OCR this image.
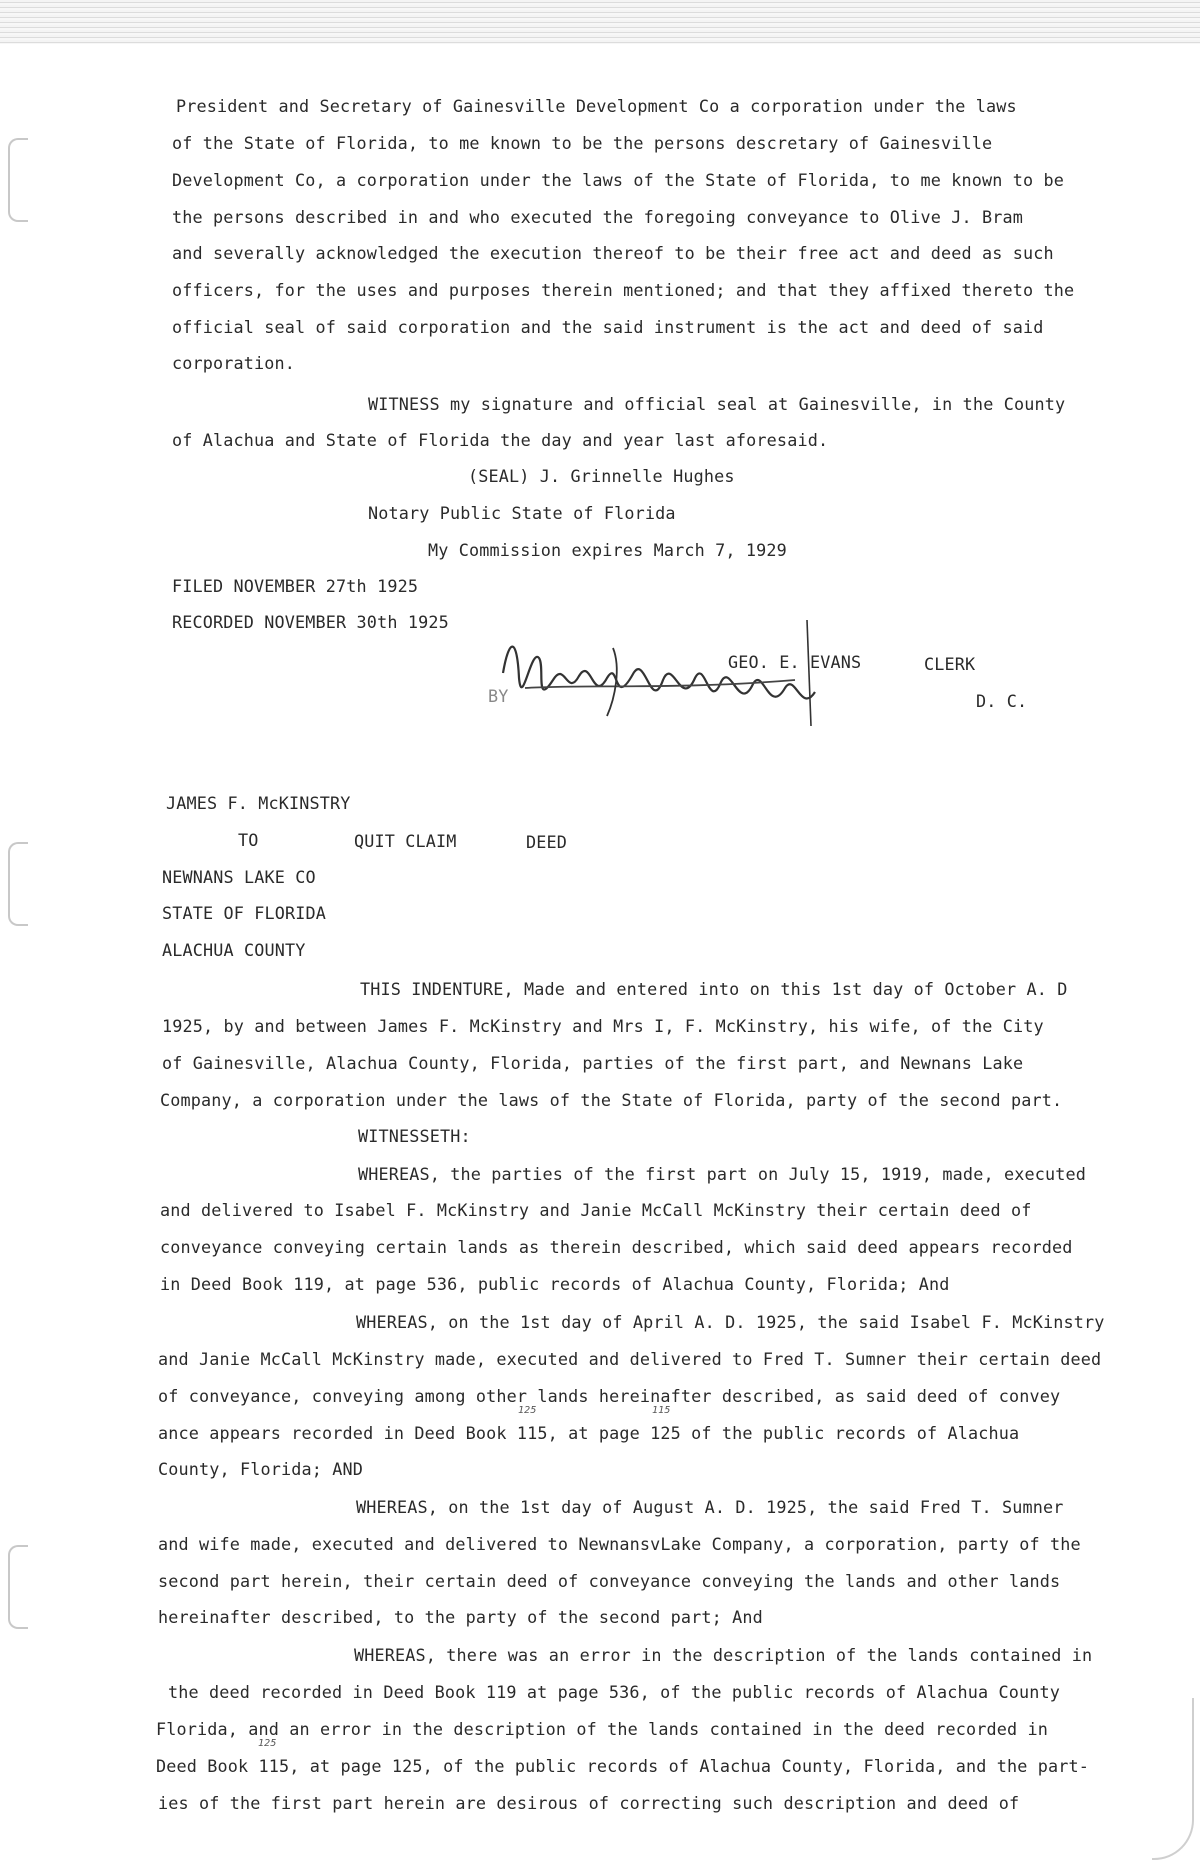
President and Secretary of Gainesville Development Co a corporation under the laws

of the State of Florida, to me known to be the persons descretary of Gainesville

Development Co, a corporation under the laws of the State of Florida, to me known to be

the persons described in and who executed the foregoing conveyance to Olive J. Bram

and severally acknowledged the execution thereof to be their free act and deed as such

officers, for the uses and purposes therein mentioned; and that they affixed thereto the

official seal of said corporation and the said instrument is the act and deed of said

corporation.

WITNESS my signature and official seal at Gainesville, in the County

of Alachua and State of Florida the day and year last aforesaid.

(SEAL) J. Grinnelle Hughes

Notary Public State of Florida

My Commission expires March 7, 1929

FILED NOVEMBER 27th 1925

RECORDED NOVEMBER 30th 1925

GEO. E. EVANS	CLERK

BY	D. C.

JAMES F. McKINSTRY

TO	QUIT CLAIM	DEED

NEWNANS LAKE CO

STATE OF FLORIDA

ALACHUA COUNTY

THIS INDENTURE, Made and entered into on this 1st day of October A. D

1925, by and between James F. McKinstry and Mrs I, F. McKinstry, his wife, of the City

of Gainesville, Alachua County, Florida, parties of the first part, and Newnans Lake

Company, a corporation under the laws of the State of Florida, party of the second part.

WITNESSETH:

WHEREAS, the parties of the first part on July 15, 1919, made, executed

and delivered to Isabel F. McKinstry and Janie McCall McKinstry their certain deed of

conveyance conveying certain lands as therein described, which said deed appears recorded

in Deed Book 119, at page 536, public records of Alachua County, Florida; And

WHEREAS, on the 1st day of April A. D. 1925, the said Isabel F. McKinstry

and Janie McCall McKinstry made, executed and delivered to Fred T. Sumner their certain deed

of conveyance, conveying among other lands hereinafter described, as said deed of convey

ance appears recorded in Deed Book 115, at page 125 of the public records of Alachua

County, Florida; AND

125	115

WHEREAS, on the 1st day of August A. D. 1925, the said Fred T. Sumner

and wife made, executed and delivered to NewnansvLake Company, a corporation, party of the

second part herein, their certain deed of conveyance conveying the lands and other lands

hereinafter described, to the party of the second part; And

WHEREAS, there was an error in the description of the lands contained in

the deed recorded in Deed Book 119 at page 536, of the public records of Alachua County

Florida, and an error in the description of the lands contained in the deed recorded in

Deed Book 115, at page 125, of the public records of Alachua County, Florida, and the part-

ies of the first part herein are desirous of correcting such description and deed of

125
